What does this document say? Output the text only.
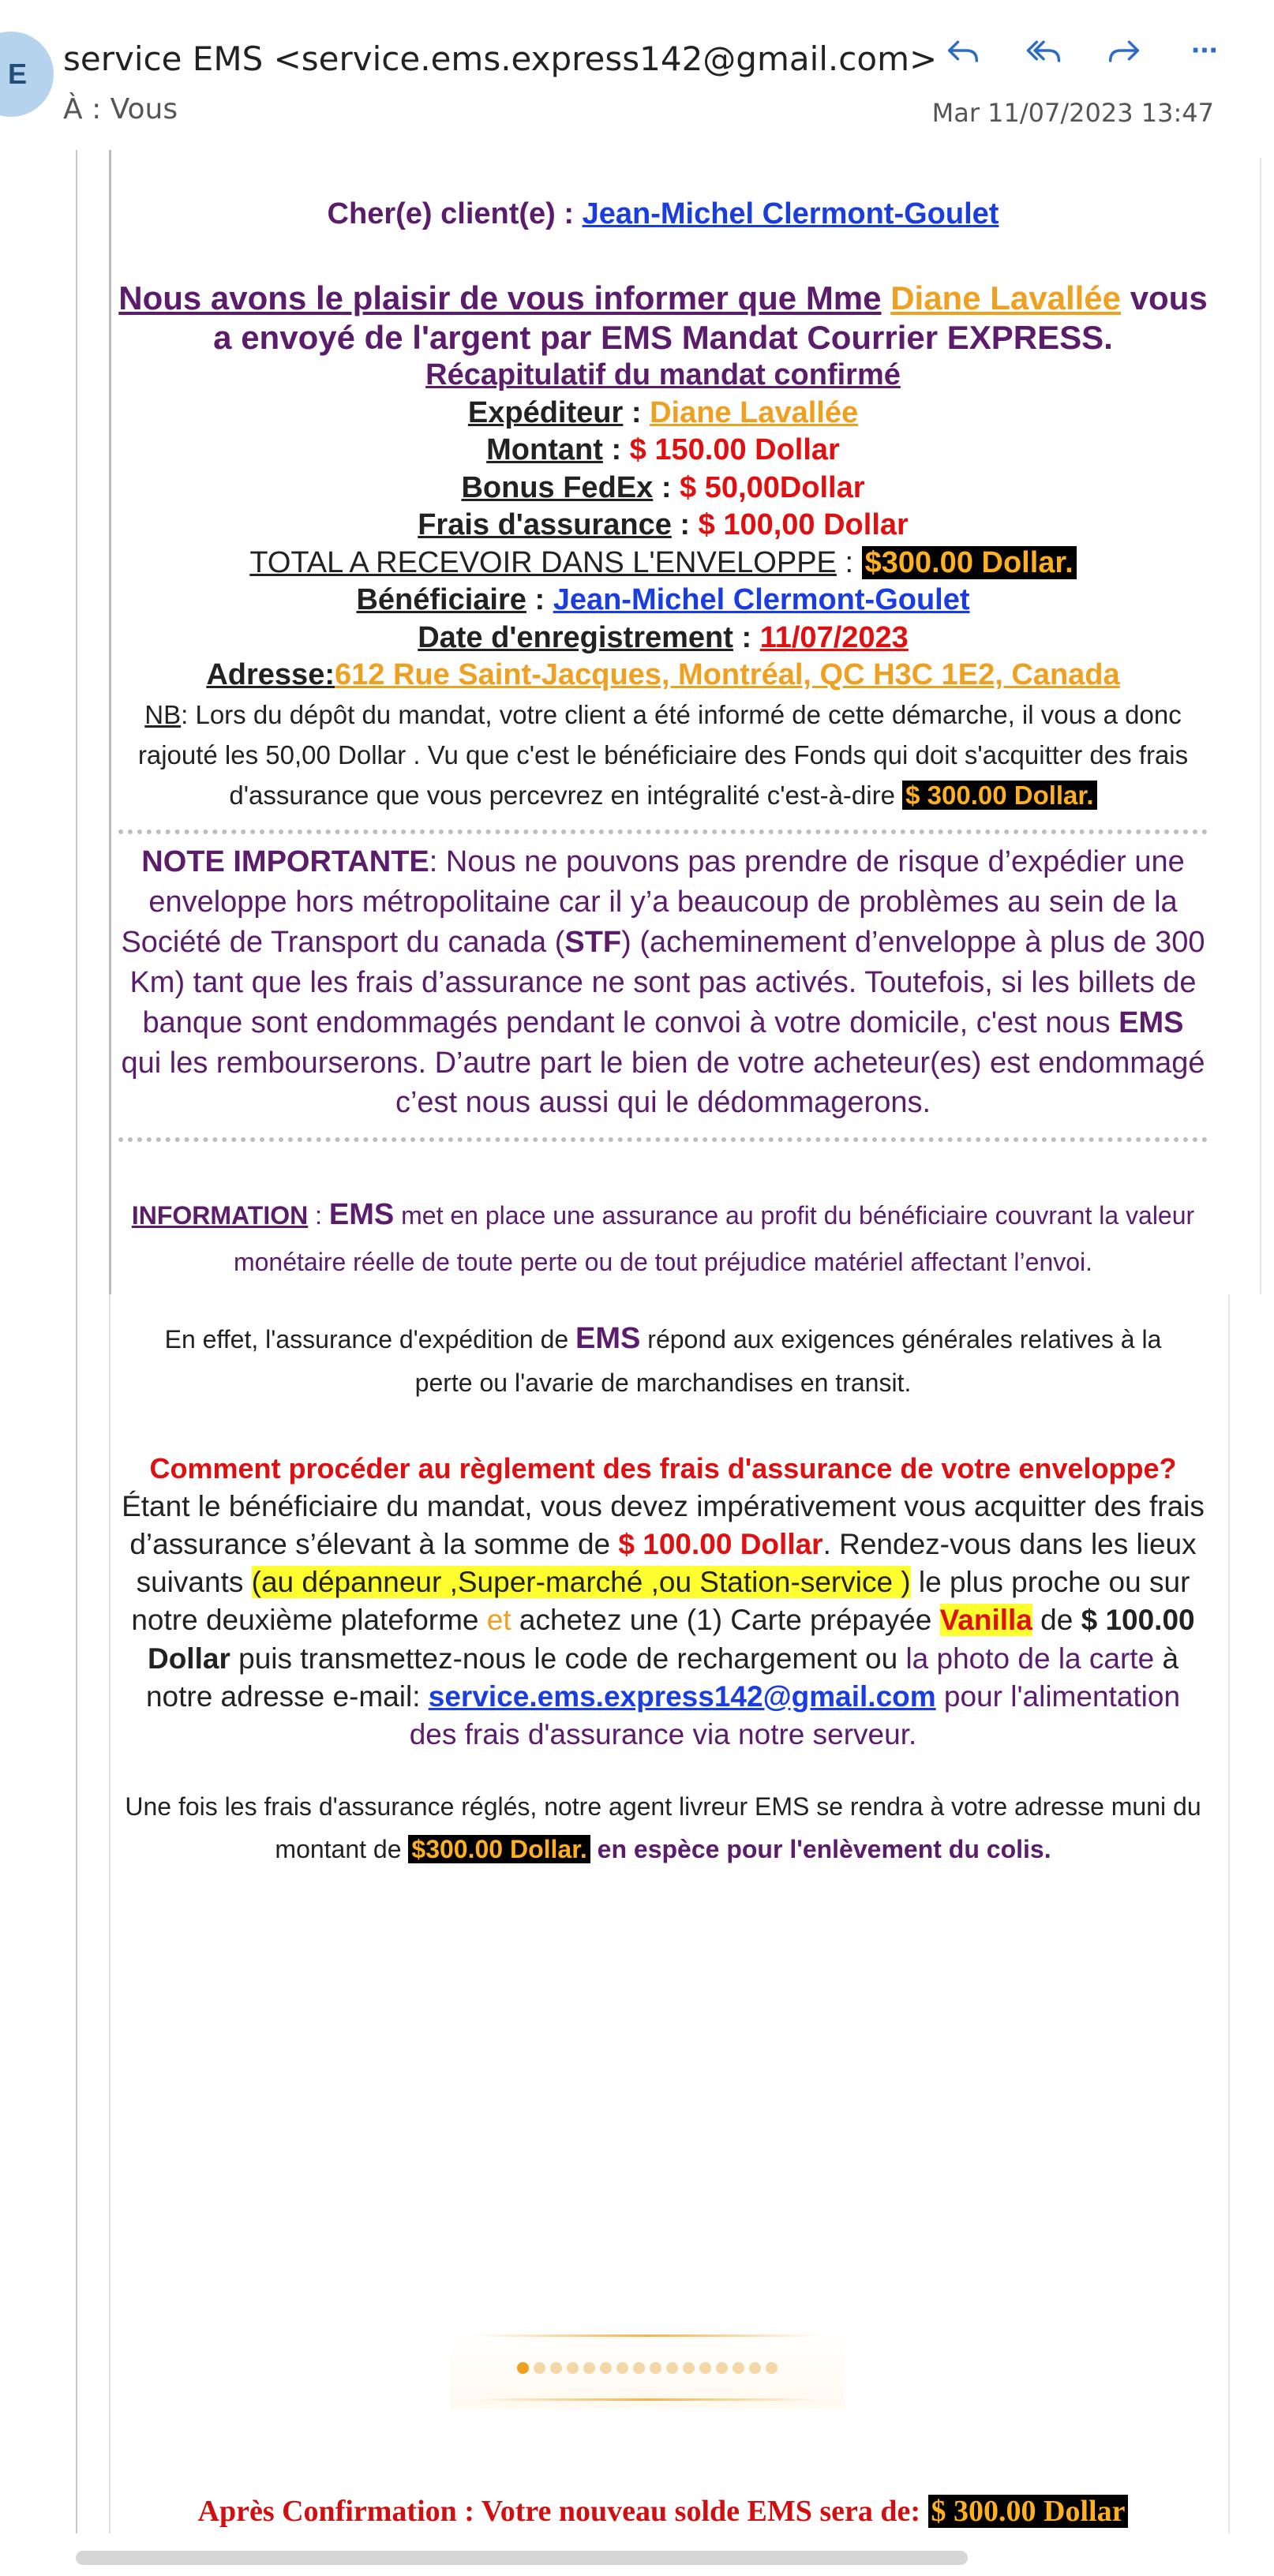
E service EMS <service.ems.express142@gmail.com>
À : Vous	Mar 11/07/2023 13:47
···
Cher(e) client(e) : Jean-Michel Clermont-Goulet
Nous avons le plaisir de vous informer que Mme Diane Lavallée vous a envoyé de l'argent par EMS Mandat Courrier EXPRESS.
Récapitulatif du mandat confirmé
Expéditeur : Diane Lavallée
Montant : $ 150.00 Dollar
Bonus FedEx : $ 50,00Dollar
Frais d'assurance : $ 100,00 Dollar
TOTAL A RECEVOIR DANS L'ENVELOPPE : $300.00 Dollar.
Bénéficiaire : Jean-Michel Clermont-Goulet
Date d'enregistrement : 11/07/2023
Adresse:612 Rue Saint-Jacques, Montréal, QC H3C 1E2, Canada
NB: Lors du dépôt du mandat, votre client a été informé de cette démarche, il vous a donc rajouté les 50,00 Dollar . Vu que c'est le bénéficiaire des Fonds qui doit s'acquitter des frais d'assurance que vous percevrez en intégralité c'est-à-dire $ 300.00 Dollar.
NOTE IMPORTANTE: Nous ne pouvons pas prendre de risque d’expédier une enveloppe hors métropolitaine car il y’a beaucoup de problèmes au sein de la Société de Transport du canada (STF) (acheminement d’enveloppe à plus de 300 Km) tant que les frais d’assurance ne sont pas activés. Toutefois, si les billets de banque sont endommagés pendant le convoi à votre domicile, c'est nous EMS qui les rembourserons. D’autre part le bien de votre acheteur(es) est endommagé c’est nous aussi qui le dédommagerons.
INFORMATION : EMS met en place une assurance au profit du bénéficiaire couvrant la valeur monétaire réelle de toute perte ou de tout préjudice matériel affectant l’envoi.
En effet, l'assurance d'expédition de EMS répond aux exigences générales relatives à la perte ou l'avarie de marchandises en transit.
Comment procéder au règlement des frais d'assurance de votre enveloppe?
Étant le bénéficiaire du mandat, vous devez impérativement vous acquitter des frais d’assurance s’élevant à la somme de $ 100.00 Dollar. Rendez-vous dans les lieux suivants (au dépanneur ,Super-marché ,ou Station-service ) le plus proche ou sur notre deuxième plateforme et achetez une (1) Carte prépayée Vanilla de $ 100.00 Dollar puis transmettez-nous le code de rechargement ou la photo de la carte à notre adresse e-mail: service.ems.express142@gmail.com pour l'alimentation des frais d'assurance via notre serveur.
Une fois les frais d'assurance réglés, notre agent livreur EMS se rendra à votre adresse muni du montant de $300.00 Dollar. en espèce pour l'enlèvement du colis.
Après Confirmation : Votre nouveau solde EMS sera de: $ 300.00 Dollar
